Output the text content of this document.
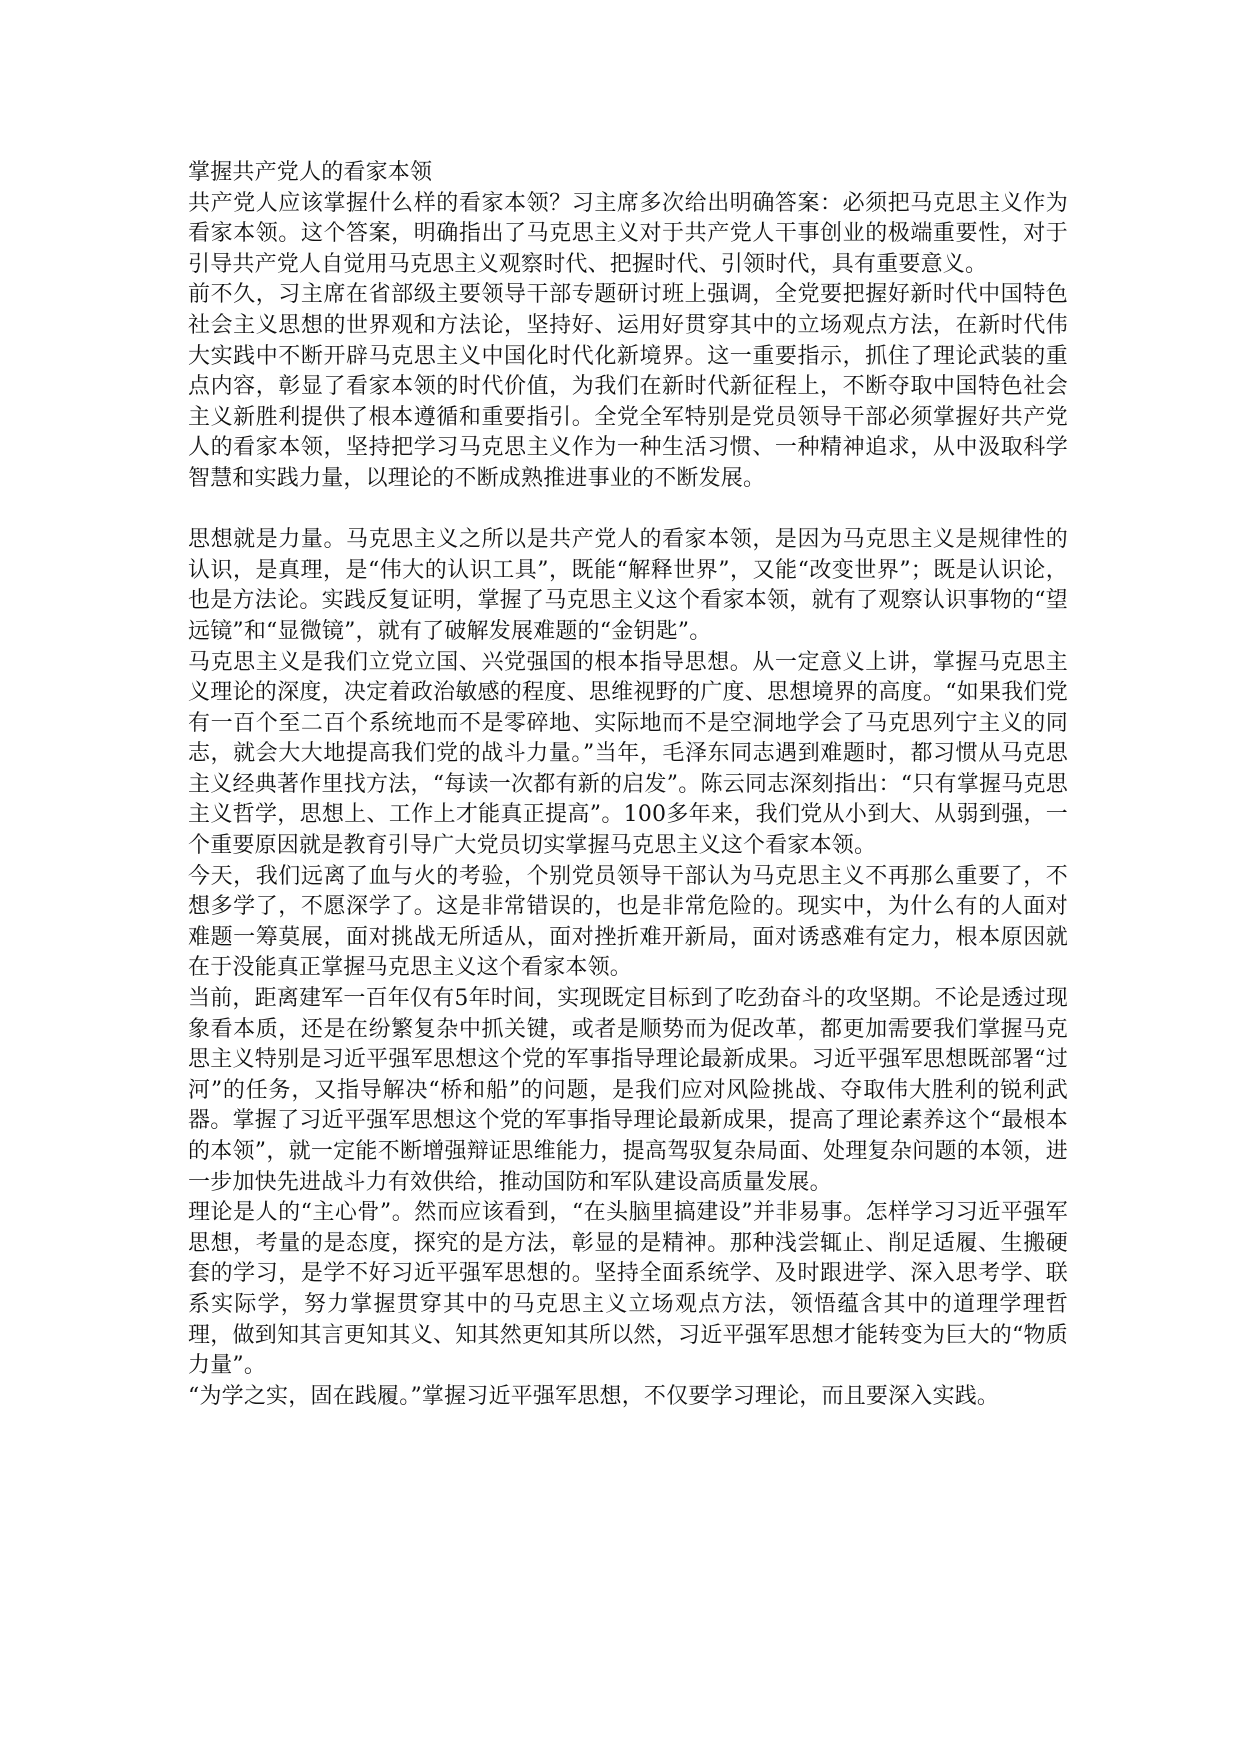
掌握共产党人的看家本领

共产党人应该掌握什么样的看家本领？习主席多次给出明确答案：必须把马克思主义作为看家本领。这个答案，明确指出了马克思主义对于共产党人干事创业的极端重要性，对于引导共产党人自觉用马克思主义观察时代、把握时代、引领时代，具有重要意义。

前不久，习主席在省部级主要领导干部专题研讨班上强调，全党要把握好新时代中国特色社会主义思想的世界观和方法论，坚持好、运用好贯穿其中的立场观点方法，在新时代伟大实践中不断开辟马克思主义中国化时代化新境界。这一重要指示，抓住了理论武装的重点内容，彰显了看家本领的时代价值，为我们在新时代新征程上，不断夺取中国特色社会主义新胜利提供了根本遵循和重要指引。全党全军特别是党员领导干部必须掌握好共产党人的看家本领，坚持把学习马克思主义作为一种生活习惯、一种精神追求，从中汲取科学智慧和实践力量，以理论的不断成熟推进事业的不断发展。

思想就是力量。马克思主义之所以是共产党人的看家本领，是因为马克思主义是规律性的认识，是真理，是“伟大的认识工具”，既能“解释世界”，又能“改变世界”；既是认识论，也是方法论。实践反复证明，掌握了马克思主义这个看家本领，就有了观察认识事物的“望远镜”和“显微镜”，就有了破解发展难题的“金钥匙”。

马克思主义是我们立党立国、兴党强国的根本指导思想。从一定意义上讲，掌握马克思主义理论的深度，决定着政治敏感的程度、思维视野的广度、思想境界的高度。“如果我们党有一百个至二百个系统地而不是零碎地、实际地而不是空洞地学会了马克思列宁主义的同志，就会大大地提高我们党的战斗力量。”当年，毛泽东同志遇到难题时，都习惯从马克思主义经典著作里找方法，“每读一次都有新的启发”。陈云同志深刻指出：“只有掌握马克思主义哲学，思想上、工作上才能真正提高”。100多年来，我们党从小到大、从弱到强，一个重要原因就是教育引导广大党员切实掌握马克思主义这个看家本领。

今天，我们远离了血与火的考验，个别党员领导干部认为马克思主义不再那么重要了，不想多学了，不愿深学了。这是非常错误的，也是非常危险的。现实中，为什么有的人面对难题一筹莫展，面对挑战无所适从，面对挫折难开新局，面对诱惑难有定力，根本原因就在于没能真正掌握马克思主义这个看家本领。

当前，距离建军一百年仅有5年时间，实现既定目标到了吃劲奋斗的攻坚期。不论是透过现象看本质，还是在纷繁复杂中抓关键，或者是顺势而为促改革，都更加需要我们掌握马克思主义特别是习近平强军思想这个党的军事指导理论最新成果。习近平强军思想既部署“过河”的任务，又指导解决“桥和船”的问题，是我们应对风险挑战、夺取伟大胜利的锐利武器。掌握了习近平强军思想这个党的军事指导理论最新成果，提高了理论素养这个“最根本的本领”，就一定能不断增强辩证思维能力，提高驾驭复杂局面、处理复杂问题的本领，进一步加快先进战斗力有效供给，推动国防和军队建设高质量发展。

理论是人的“主心骨”。然而应该看到，“在头脑里搞建设”并非易事。怎样学习习近平强军思想，考量的是态度，探究的是方法，彰显的是精神。那种浅尝辄止、削足适履、生搬硬套的学习，是学不好习近平强军思想的。坚持全面系统学、及时跟进学、深入思考学、联系实际学，努力掌握贯穿其中的马克思主义立场观点方法，领悟蕴含其中的道理学理哲理，做到知其言更知其义、知其然更知其所以然，习近平强军思想才能转变为巨大的“物质力量”。

“为学之实，固在践履。”掌握习近平强军思想，不仅要学习理论，而且要深入实践。
